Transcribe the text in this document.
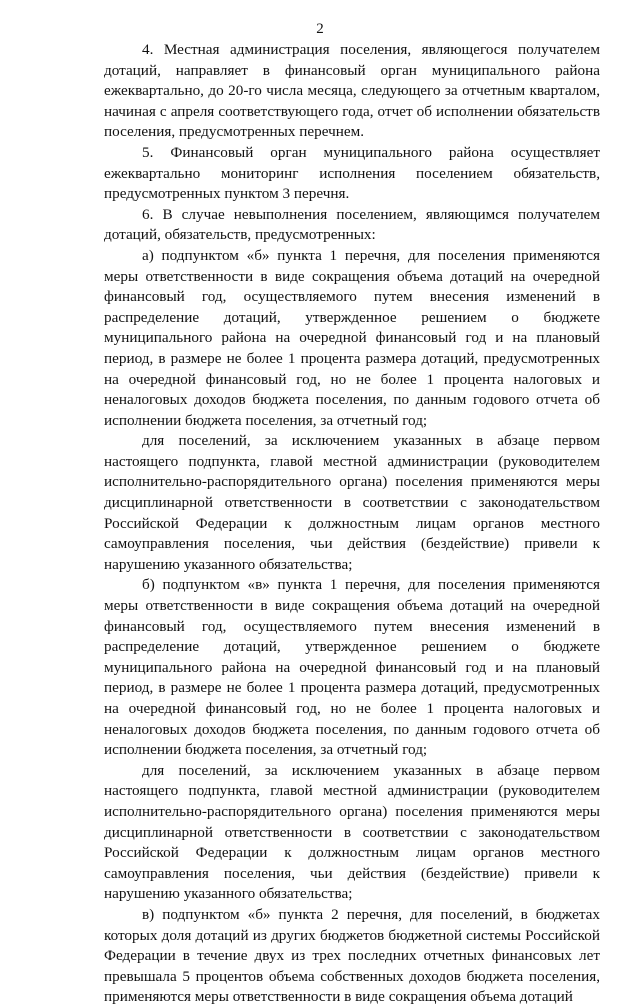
2

4. Местная администрация поселения, являющегося получателем дотаций, направляет в финансовый орган муниципального района ежеквартально, до 20-го числа месяца, следующего за отчетным кварталом, начиная с апреля соответствующего года, отчет об исполнении обязательств поселения, предусмотренных перечнем.

5. Финансовый орган муниципального района осуществляет ежеквартально мониторинг исполнения поселением обязательств, предусмотренных пунктом 3 перечня.

6. В случае невыполнения поселением, являющимся получателем дотаций, обязательств, предусмотренных:

а) подпунктом «б» пункта 1 перечня, для поселения применяются меры ответственности в виде сокращения объема дотаций на очередной финансовый год, осуществляемого путем внесения изменений в распределение дотаций, утвержденное решением о бюджете муниципального района на очередной финансовый год и на плановый период, в размере не более 1 процента размера дотаций, предусмотренных на очередной финансовый год, но не более 1 процента налоговых и неналоговых доходов бюджета поселения, по данным годового отчета об исполнении бюджета поселения, за отчетный год;

для поселений, за исключением указанных в абзаце первом настоящего подпункта, главой местной администрации (руководителем исполнительно-распорядительного органа) поселения применяются меры дисциплинарной ответственности в соответствии с законодательством Российской Федерации к должностным лицам органов местного самоуправления поселения, чьи действия (бездействие) привели к нарушению указанного обязательства;

б) подпунктом «в» пункта 1 перечня, для поселения применяются меры ответственности в виде сокращения объема дотаций на очередной финансовый год, осуществляемого путем внесения изменений в распределение дотаций, утвержденное решением о бюджете муниципального района на очередной финансовый год и на плановый период, в размере не более 1 процента размера дотаций, предусмотренных на очередной финансовый год, но не более 1 процента налоговых и неналоговых доходов бюджета поселения, по данным годового отчета об исполнении бюджета поселения, за отчетный год;

для поселений, за исключением указанных в абзаце первом настоящего подпункта, главой местной администрации (руководителем исполнительно-распорядительного органа) поселения применяются меры дисциплинарной ответственности в соответствии с законодательством Российской Федерации к должностным лицам органов местного самоуправления поселения, чьи действия (бездействие) привели к нарушению указанного обязательства;

в) подпунктом «б» пункта 2 перечня, для поселений, в бюджетах которых доля дотаций из других бюджетов бюджетной системы Российской Федерации в течение двух из трех последних отчетных финансовых лет превышала 5 процентов объема собственных доходов бюджета поселения, применяются меры ответственности в виде сокращения объема дотаций
